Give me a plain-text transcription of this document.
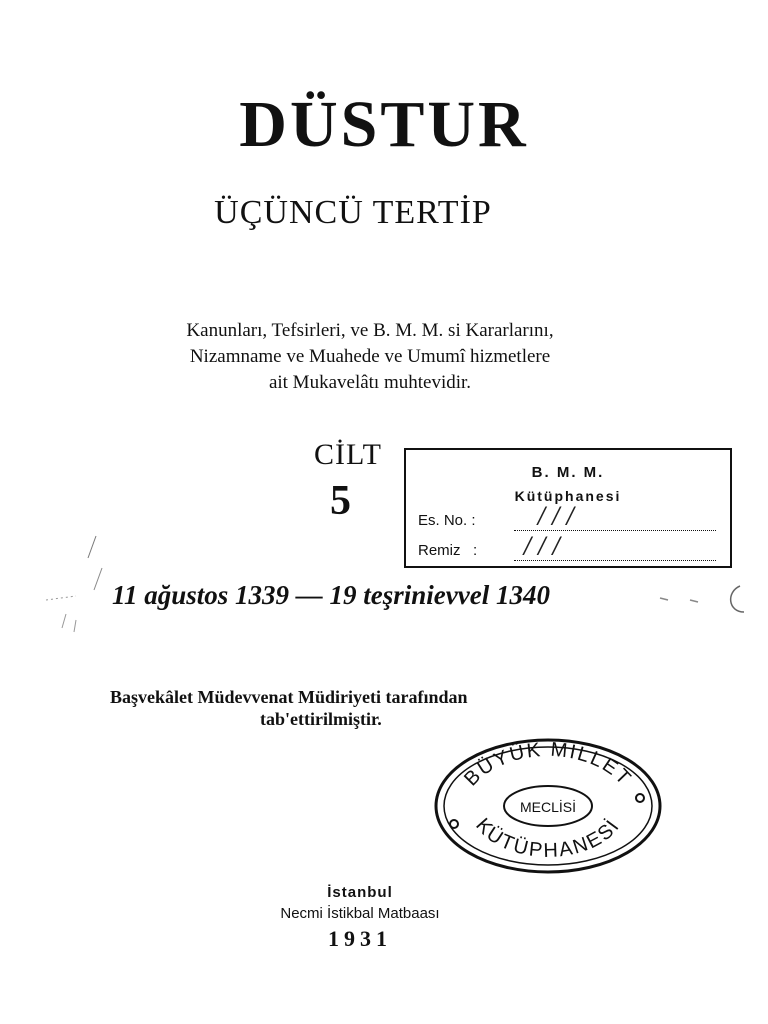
DÜSTUR
ÜÇÜNCÜ TERTİP
Kanunları, Tefsirleri, ve B. M. M. si Kararlarını,
Nizamname ve Muahede ve Umumî hizmetlere
ait Mukavelâtı muhtevidir.
CİLT
5
B. M. M.
Kütüphanesi
Es. No. :	/ / /
Remiz   : / / /
11 ağustos 1339 — 19 teşrinievvel 1340
Başvekâlet Müdevvenat Müdiriyeti tarafından
tab'ettirilmiştir.
BÜYÜK MİLLET
MECLİSİ
KÜTÜPHANESİ
İstanbul
Necmi İstikbal Matbaası
1931
